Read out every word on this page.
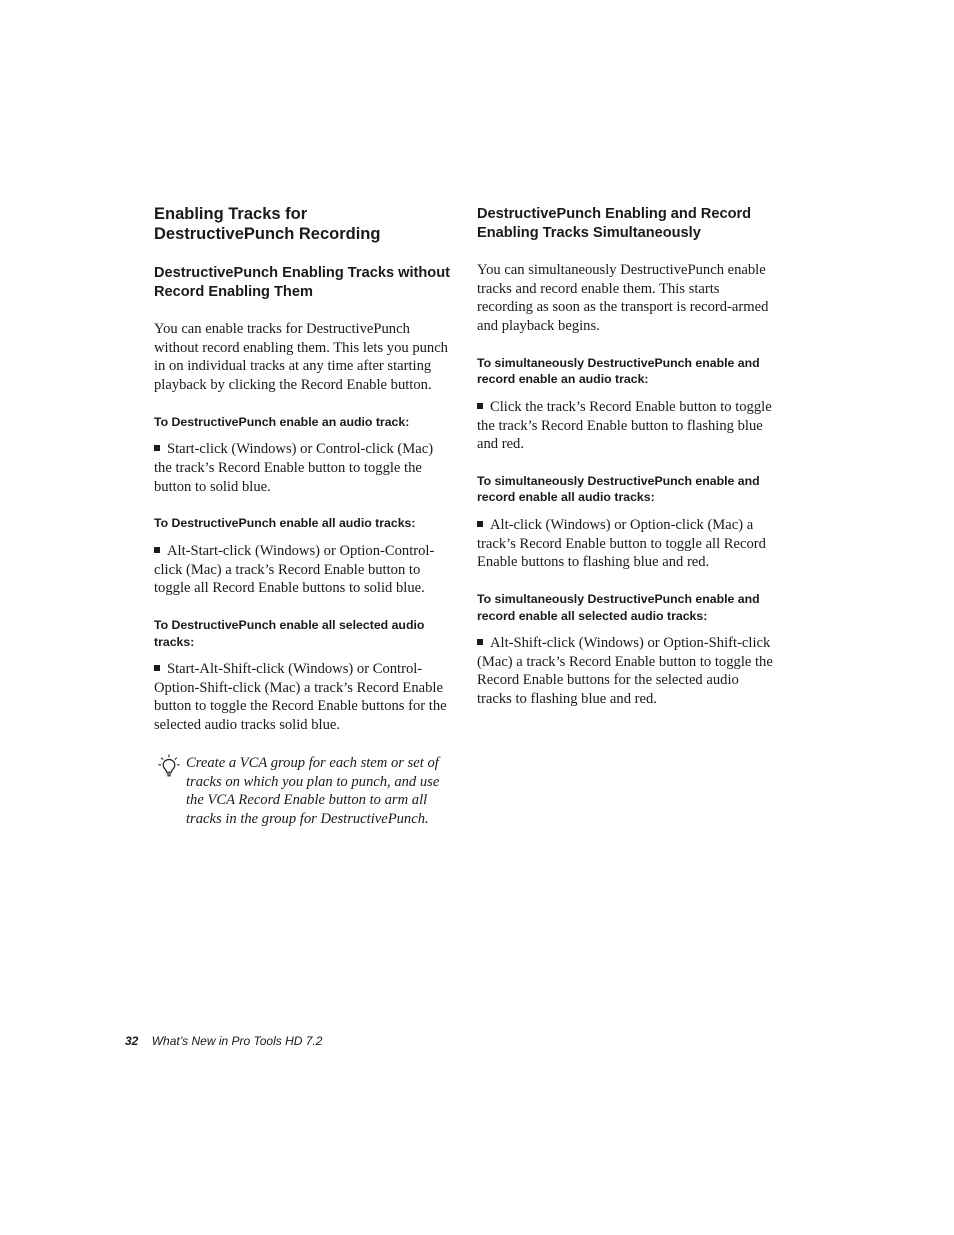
Enabling Tracks for DestructivePunch Recording
DestructivePunch Enabling Tracks without Record Enabling Them

You can enable tracks for DestructivePunch without record enabling them. This lets you punch in on individual tracks at any time after starting playback by clicking the Record Enable button.

To DestructivePunch enable an audio track:

Start-click (Windows) or Control-click (Mac) the track’s Record Enable button to toggle the button to solid blue.

To DestructivePunch enable all audio tracks:

Alt-Start-click (Windows) or Option-Control-click (Mac) a track’s Record Enable button to toggle all Record Enable buttons to solid blue.

To DestructivePunch enable all selected audio tracks:

Start-Alt-Shift-click (Windows) or Control-Option-Shift-click (Mac) a track’s Record Enable button to toggle the Record Enable buttons for the selected audio tracks solid blue.

Create a VCA group for each stem or set of tracks on which you plan to punch, and use the VCA Record Enable button to arm all tracks in the group for DestructivePunch.

DestructivePunch Enabling and Record Enabling Tracks Simultaneously

You can simultaneously DestructivePunch enable tracks and record enable them. This starts recording as soon as the transport is record-armed and playback begins.

To simultaneously DestructivePunch enable and record enable an audio track:

Click the track’s Record Enable button to toggle the track’s Record Enable button to flashing blue and red.

To simultaneously DestructivePunch enable and record enable all audio tracks:

Alt-click (Windows) or Option-click (Mac) a track’s Record Enable button to toggle all Record Enable buttons to flashing blue and red.

To simultaneously DestructivePunch enable and record enable all selected audio tracks:

Alt-Shift-click (Windows) or Option-Shift-click (Mac) a track’s Record Enable button to toggle the Record Enable buttons for the selected audio tracks to flashing blue and red.

32 What’s New in Pro Tools HD 7.2
